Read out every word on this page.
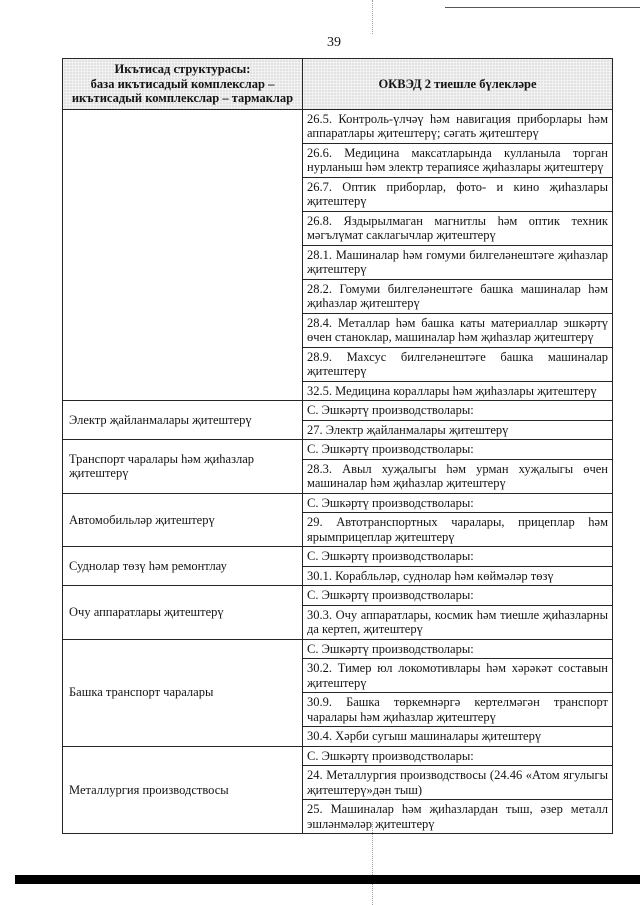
39
Икътисад структурасы:
база икътисадый комплекслар –
икътисадый комплекслар – тармаклар	ОКВЭД 2 тиешле бүлекләре
	26.5. Контроль-үлчәү һәм навигация приборлары һәм аппаратлары җитештерү; сәгать җитештерү
	26.6. Медицина максатларында кулланыла торган нурланыш һәм электр терапиясе җиһазлары җитештерү
	26.7. Оптик приборлар, фото- и кино җиһазлары җитештерү
	26.8. Яздырылмаган магнитлы һәм оптик техник мәгълүмат саклагычлар җитештерү
	28.1. Машиналар һәм гомуми билгеләнештәге җиһазлар җитештерү
	28.2. Гомуми билгеләнештәге башка машиналар һәм җиһазлар җитештерү
	28.4. Металлар һәм башка каты материаллар эшкәртү өчен станоклар, машиналар һәм җиһазлар җитештерү
	28.9. Махсус билгеләнештәге башка машиналар җитештерү
	32.5. Медицина кораллары һәм җиһазлары җитештерү
Электр җайланмалары җитештерү	С. Эшкәртү производстволары:
	27. Электр җайланмалары җитештерү
Транспорт чаралары һәм җиһазлар җитештерү	С. Эшкәртү производстволары:
	28.3. Авыл хуҗалыгы һәм урман хуҗалыгы өчен машиналар һәм җиһазлар җитештерү
Автомобильләр җитештерү	С. Эшкәртү производстволары:
	29. Автотранспортных чаралары, прицеплар һәм ярымприцеплар җитештерү
Суднолар төзү һәм ремонтлау	С. Эшкәртү производстволары:
	30.1. Корабльләр, суднолар һәм көймәләр төзү
Очу аппаратлары җитештерү	С. Эшкәртү производстволары:
	30.3. Очу аппаратлары, космик һәм тиешле җиһазларны да кертеп, җитештерү
Башка транспорт чаралары	С. Эшкәртү производстволары:
	30.2. Тимер юл локомотивлары һәм хәрәкәт составын җитештерү
	30.9. Башка төркемнәргә кертелмәгән транспорт чаралары һәм җиһазлар җитештерү
	30.4. Хәрби сугыш машиналары җитештерү
Металлургия производствосы	С. Эшкәртү производстволары:
	24. Металлургия производствосы (24.46 «Атом ягулыгы җитештерү»дән тыш)
	25. Машиналар һәм җиһазлардан тыш, әзер металл эшләнмәләр җитештерү
